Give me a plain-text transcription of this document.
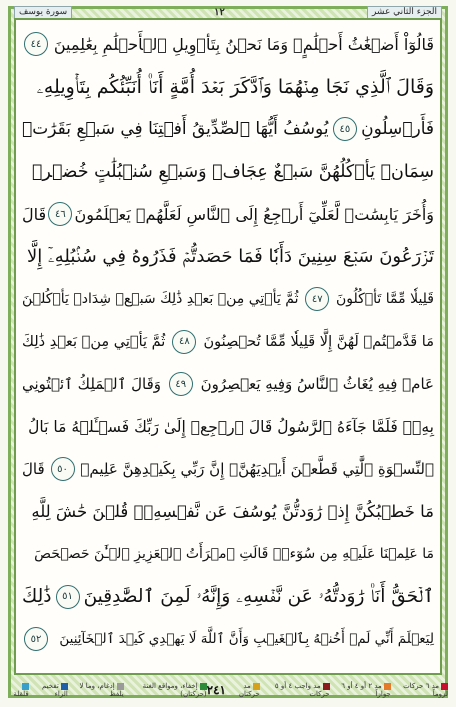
الجزء الثاني عشر
١٢
سورة يوسف
قَالُوٓاْ أَضۡغَٰثُ أَحۡلَٰمٍۖ وَمَا نَحۡنُ بِتَأۡوِيلِ ٱلۡأَحۡلَٰمِ بِعَٰلِمِينَ
٤٤
وَقَالَ ٱلَّذِي نَجَا مِنۡهُمَا وَٱدَّكَرَ بَعۡدَ أُمَّةٍ أَنَا۠ أُنَبِّئُكُم بِتَأۡوِيلِهِۦ
فَأَرۡسِلُونِ
٤٥
يُوسُفُ أَيُّهَا ٱلصِّدِّيقُ أَفۡتِنَا فِي سَبۡعِ بَقَرَٰتٖ
سِمَانٖ يَأۡكُلُهُنَّ سَبۡعٌ عِجَافٞ وَسَبۡعِ سُنۢبُلَٰتٍ خُضۡرٖ
وَأُخَرَ يَابِسَٰتٖ لَّعَلِّيٓ أَرۡجِعُ إِلَى ٱلنَّاسِ لَعَلَّهُمۡ يَعۡلَمُونَ
٤٦
قَالَ
تَزۡرَعُونَ سَبۡعَ سِنِينَ دَأَبٗا فَمَا حَصَدتُّمۡ فَذَرُوهُ فِي سُنۢبُلِهِۦٓ إِلَّا
قَلِيلٗا مِّمَّا تَأۡكُلُونَ
٤٧
ثُمَّ يَأۡتِي مِنۢ بَعۡدِ ذَٰلِكَ سَبۡعٞ شِدَادٞ يَأۡكُلۡنَ
مَا قَدَّمۡتُمۡ لَهُنَّ إِلَّا قَلِيلٗا مِّمَّا تُحۡصِنُونَ
٤٨
ثُمَّ يَأۡتِي مِنۢ بَعۡدِ ذَٰلِكَ
عَامٞ فِيهِ يُغَاثُ ٱلنَّاسُ وَفِيهِ يَعۡصِرُونَ
٤٩
وَقَالَ ٱلۡمَلِكُ ٱئۡتُونِي
بِهِۦۖ فَلَمَّا جَآءَهُ ٱلرَّسُولُ قَالَ ٱرۡجِعۡ إِلَىٰ رَبِّكَ فَسۡـَٔلۡهُ مَا بَالُ
ٱلنِّسۡوَةِ ٱلَّٰتِي قَطَّعۡنَ أَيۡدِيَهُنَّۚ إِنَّ رَبِّي بِكَيۡدِهِنَّ عَلِيمٞ
٥٠
قَالَ
مَا خَطۡبُكُنَّ إِذۡ رَٰوَدتُّنَّ يُوسُفَ عَن نَّفۡسِهِۦۚ قُلۡنَ حَٰشَ لِلَّهِ
مَا عَلِمۡنَا عَلَيۡهِ مِن سُوٓءٖۚ قَالَتِ ٱمۡرَأَتُ ٱلۡعَزِيزِ ٱلۡـَٰٔنَ حَصۡحَصَ
ٱلۡحَقُّ أَنَا۠ رَٰوَدتُّهُۥ عَن نَّفۡسِهِۦ وَإِنَّهُۥ لَمِنَ ٱلصَّٰدِقِينَ
٥١
ذَٰلِكَ
لِيَعۡلَمَ أَنِّي لَمۡ أَخُنۡهُ بِٱلۡغَيۡبِ وَأَنَّ ٱللَّهَ لَا يَهۡدِي كَيۡدَ ٱلۡخَآئِنِينَ
٥٢
مد ٦ حركات لزوماً
مد ٢ أو ٤ أو ٦ جوازاً
مد واجب ٤ أو ٥ حركات
مد حركتان
٢٤١
إخفاء، ومواقع الغنة (حركتان)
إدغام، وما لا يلفظ
تفخيم الراء
قلقلة
